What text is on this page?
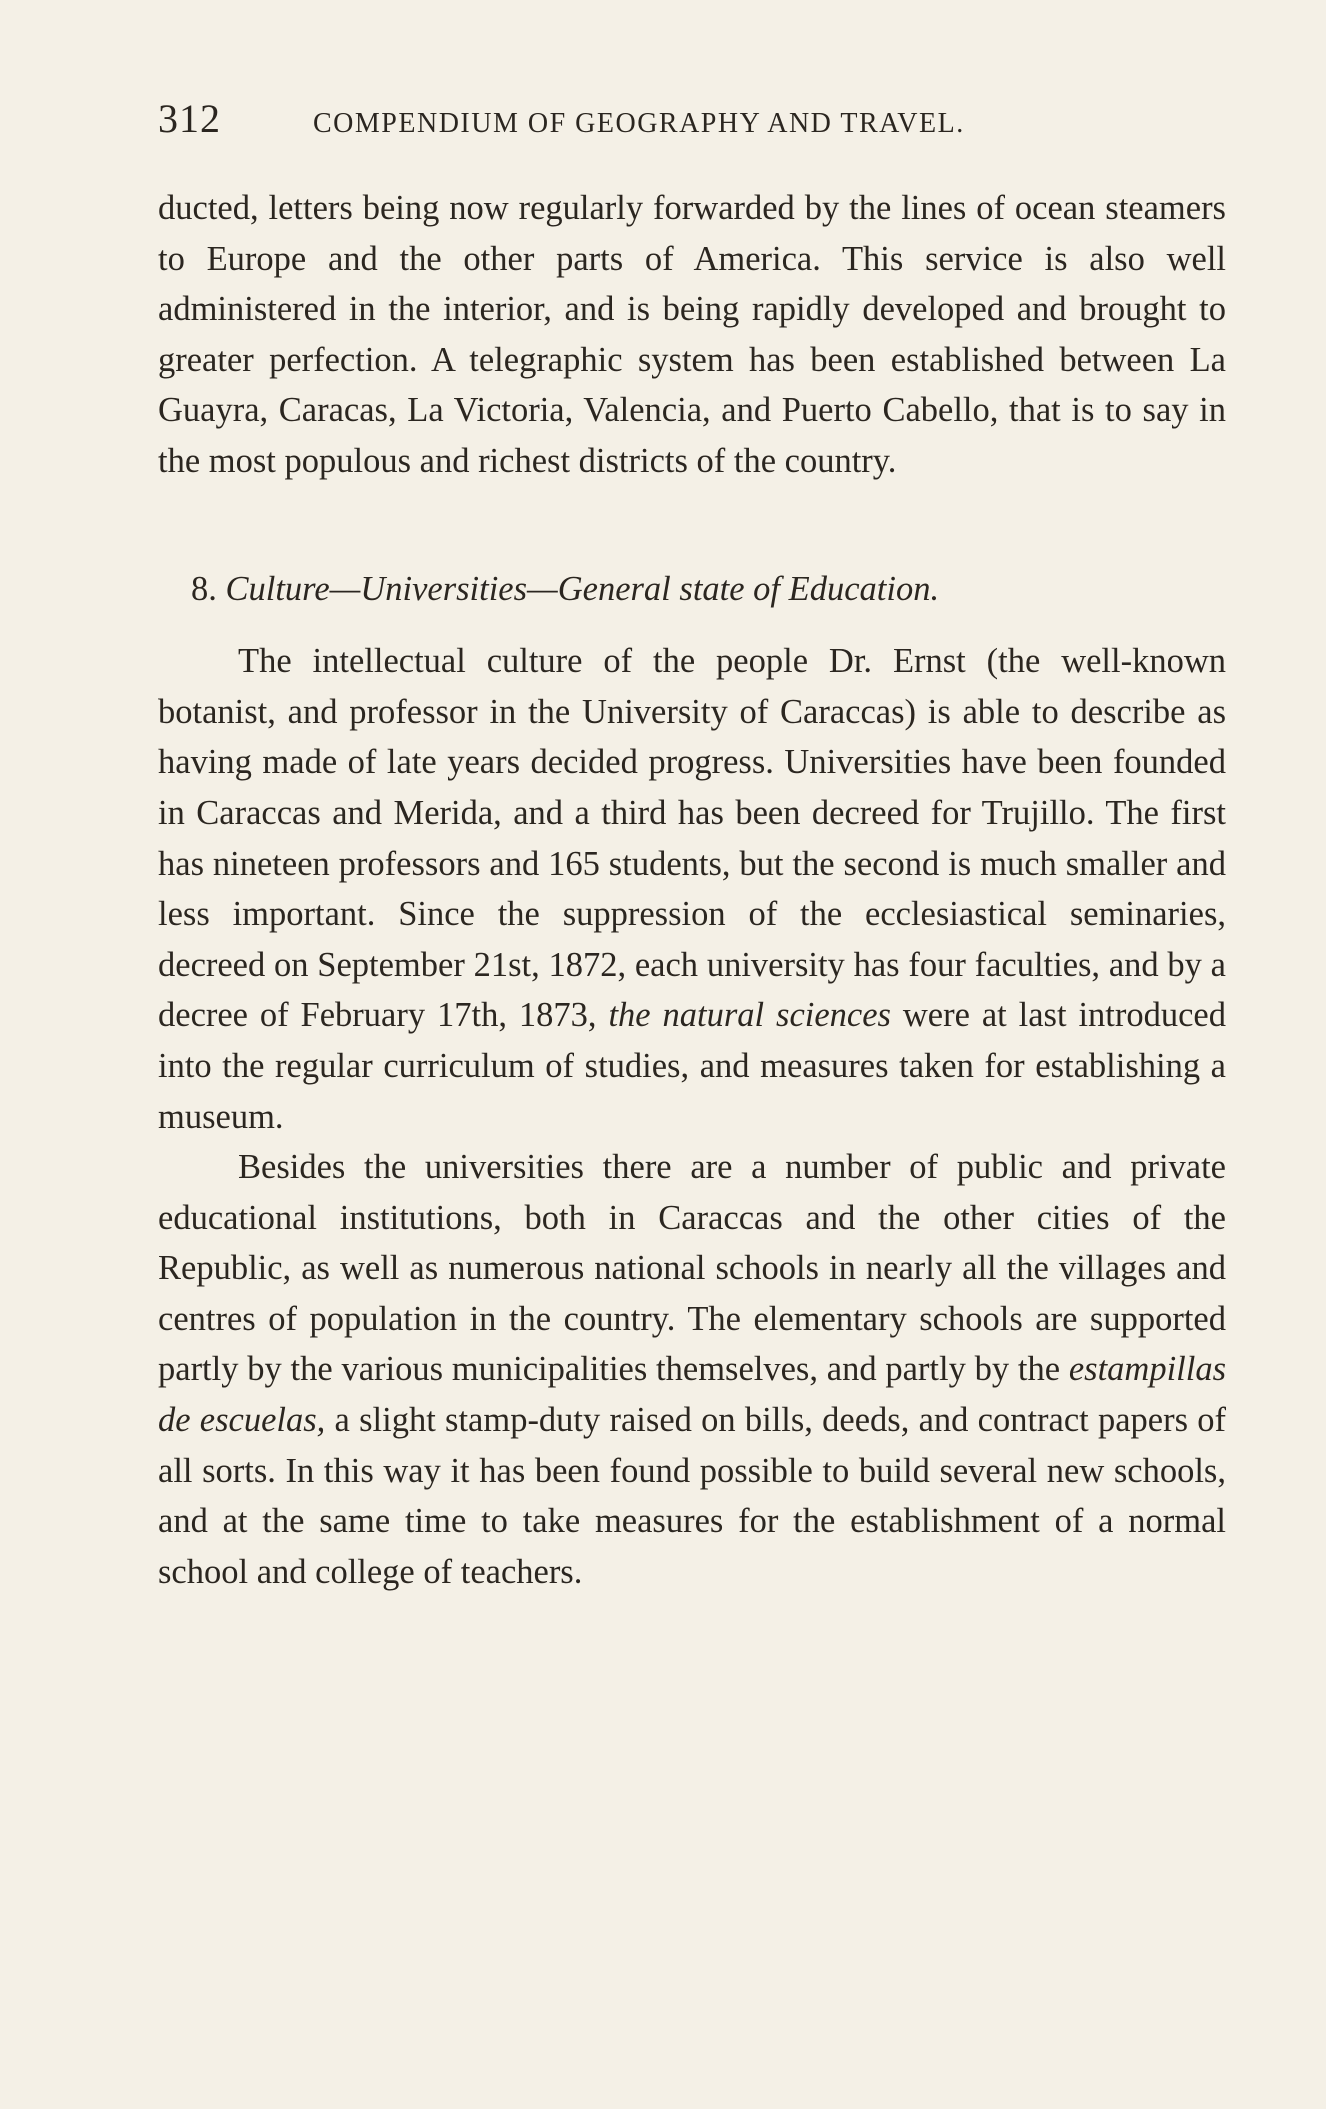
312	COMPENDIUM OF GEOGRAPHY AND TRAVEL.

ducted, letters being now regularly forwarded by the lines of ocean steamers to Europe and the other parts of America. This service is also well administered in the interior, and is being rapidly developed and brought to greater perfection. A telegraphic system has been established between La Guayra, Caracas, La Victoria, Valencia, and Puerto Cabello, that is to say in the most populous and richest districts of the country.

8. Culture—Universities—General state of Education.

The intellectual culture of the people Dr. Ernst (the well-known botanist, and professor in the University of Caraccas) is able to describe as having made of late years decided progress. Universities have been founded in Caraccas and Merida, and a third has been decreed for Trujillo. The first has nineteen professors and 165 students, but the second is much smaller and less important. Since the suppression of the ecclesiastical seminaries, decreed on September 21st, 1872, each university has four faculties, and by a decree of February 17th, 1873, the natural sciences were at last introduced into the regular curriculum of studies, and measures taken for establishing a museum.

Besides the universities there are a number of public and private educational institutions, both in Caraccas and the other cities of the Republic, as well as numerous national schools in nearly all the villages and centres of population in the country. The elementary schools are supported partly by the various municipalities themselves, and partly by the estampillas de escuelas, a slight stamp-duty raised on bills, deeds, and contract papers of all sorts. In this way it has been found possible to build several new schools, and at the same time to take measures for the establishment of a normal school and college of teachers.
